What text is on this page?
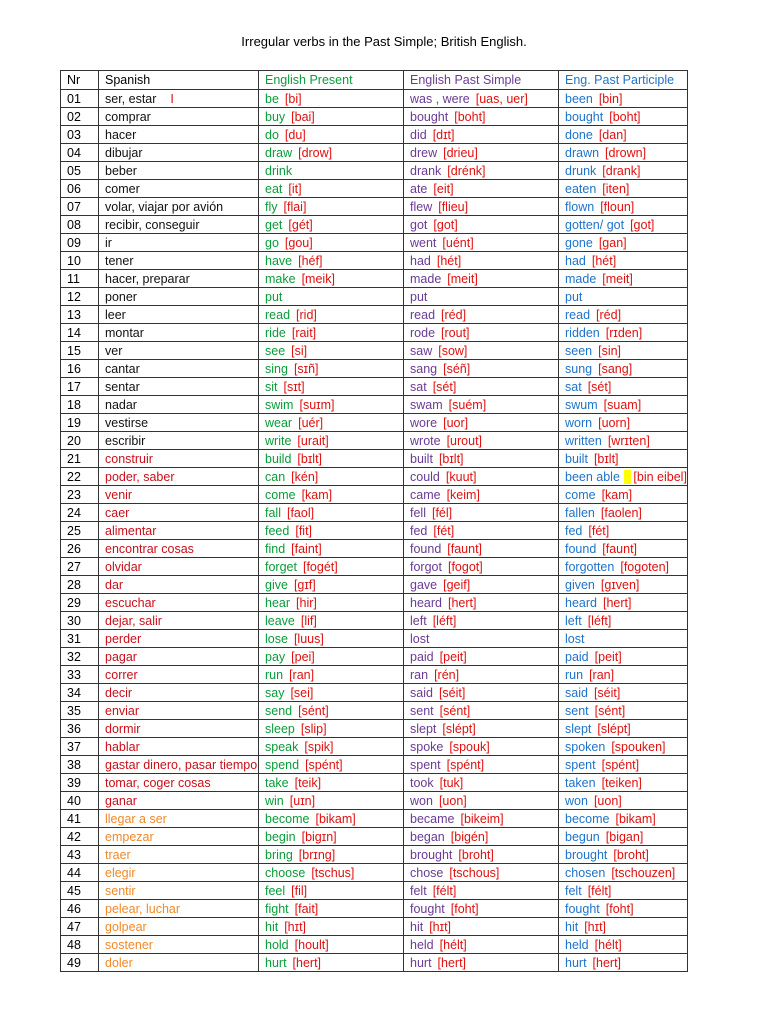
Irregular verbs in the Past Simple; British English.
Nr	Spanish	English Present	English Past Simple	Eng. Past Participle
01	ser, estar I	be [bi]	was , were [uas, uer]	been [bin]
02	comprar	buy [bai]	bought [boht]	bought [boht]
03	hacer	do [du]	did [dɪt]	done [dan]
04	dibujar	draw [drow]	drew [drieu]	drawn [drown]
05	beber	drink	drank [drénk]	drunk [drank]
06	comer	eat [it]	ate [eit]	eaten [iten]
07	volar, viajar por avión	fly [flai]	flew [flieu]	flown [floun]
08	recibir, conseguir	get [gét]	got [got]	gotten/ got [got]
09	ir	go [gou]	went [uént]	gone [gan]
10	tener	have [héf]	had [hét]	had [hét]
11	hacer, preparar	make [meik]	made [meit]	made [meit]
12	poner	put	put	put
13	leer	read [rid]	read [réd]	read [réd]
14	montar	ride [rait]	rode [rout]	ridden [rɪden]
15	ver	see [si]	saw [sow]	seen [sin]
16	cantar	sing [sɪñ]	sang [séñ]	sung [sang]
17	sentar	sit [sɪt]	sat [sét]	sat [sét]
18	nadar	swim [suɪm]	swam [suém]	swum [suam]
19	vestirse	wear [uér]	wore [uor]	worn [uorn]
20	escribir	write [urait]	wrote [urout]	written [wrɪten]
21	construir	build [bɪlt]	built [bɪlt]	built [bɪlt]
22	poder, saber	can [kén]	could [kuut]	been able [bin eibel]
23	venir	come [kam]	came [keim]	come [kam]
24	caer	fall [faol]	fell [fél]	fallen [faolen]
25	alimentar	feed [fit]	fed [fét]	fed [fét]
26	encontrar cosas	find [faint]	found [faunt]	found [faunt]
27	olvidar	forget [fogét]	forgot [fogot]	forgotten [fogoten]
28	dar	give [gɪf]	gave [geif]	given [gɪven]
29	escuchar	hear [hir]	heard [hert]	heard [hert]
30	dejar, salir	leave [lif]	left [léft]	left [léft]
31	perder	lose [luus]	lost	lost
32	pagar	pay [pei]	paid [peit]	paid [peit]
33	correr	run [ran]	ran [rén]	run [ran]
34	decir	say [sei]	said [séit]	said [séit]
35	enviar	send [sént]	sent [sént]	sent [sént]
36	dormir	sleep [slip]	slept [slépt]	slept [slépt]
37	hablar	speak [spik]	spoke [spouk]	spoken [spouken]
38	gastar dinero, pasar tiempo	spend [spént]	spent [spént]	spent [spént]
39	tomar, coger cosas	take [teik]	took [tuk]	taken [teiken]
40	ganar	win [uɪn]	won [uon]	won [uon]
41	llegar a ser	become [bikam]	became [bikeim]	become [bikam]
42	empezar	begin [bigɪn]	began [bigén]	begun [bigan]
43	traer	bring [brɪng]	brought [broht]	brought [broht]
44	elegir	choose [tschus]	chose [tschous]	chosen [tschouzen]
45	sentir	feel [fil]	felt [félt]	felt [félt]
46	pelear, luchar	fight [fait]	fought [foht]	fought [foht]
47	golpear	hit [hɪt]	hit [hɪt]	hit [hɪt]
48	sostener	hold [hoult]	held [hélt]	held [hélt]
49	doler	hurt [hert]	hurt [hert]	hurt [hert]
